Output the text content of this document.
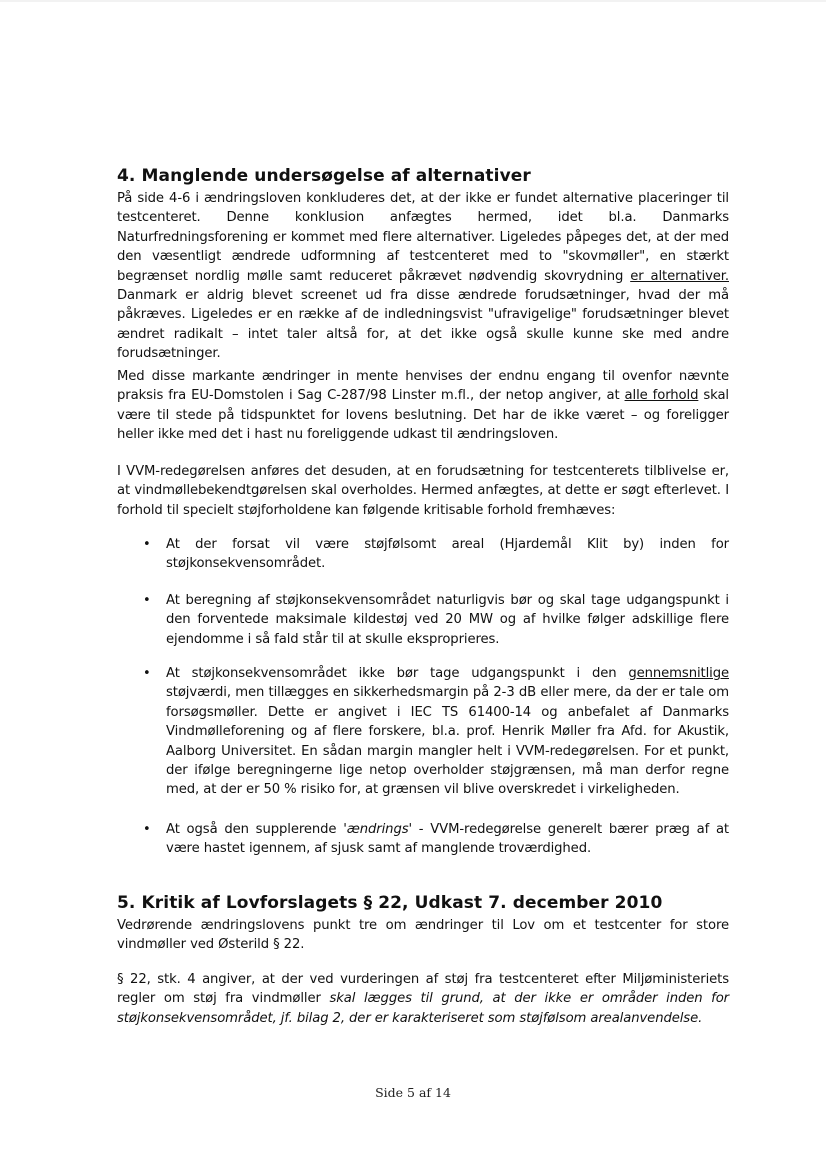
4. Manglende undersøgelse af alternativer

På side 4-6 i ændringsloven konkluderes det, at der ikke er fundet alternative placeringer til testcenteret. Denne konklusion anfægtes hermed, idet bl.a. Danmarks Naturfredningsforening er kommet med flere alternativer. Ligeledes påpeges det, at der med den væsentligt ændrede udformning af testcenteret med to "skovmøller", en stærkt begrænset nordlig mølle samt reduceret påkrævet nødvendig skovrydning er alternativer. Danmark er aldrig blevet screenet ud fra disse ændrede forudsætninger, hvad der må påkræves. Ligeledes er en række af de indledningsvist "ufravigelige" forudsætninger blevet ændret radikalt – intet taler altså for, at det ikke også skulle kunne ske med andre forudsætninger.

Med disse markante ændringer in mente henvises der endnu engang til ovenfor nævnte praksis fra EU-Domstolen i Sag C-287/98 Linster m.fl., der netop angiver, at alle forhold skal være til stede på tidspunktet for lovens beslutning. Det har de ikke været – og foreligger heller ikke med det i hast nu foreliggende udkast til ændringsloven.

I VVM-redegørelsen anføres det desuden, at en forudsætning for testcenterets tilblivelse er, at vindmøllebekendtgørelsen skal overholdes. Hermed anfægtes, at dette er søgt efterlevet. I forhold til specielt støjforholdene kan følgende kritisable forhold fremhæves:

•	At der forsat vil være støjfølsomt areal (Hjardemål Klit by) inden for støjkonsekvensområdet.

•	At beregning af støjkonsekvensområdet naturligvis bør og skal tage udgangspunkt i den forventede maksimale kildestøj ved 20 MW og af hvilke følger adskillige flere ejendomme i så fald står til at skulle eksproprieres.

•	At støjkonsekvensområdet ikke bør tage udgangspunkt i den gennemsnitlige støjværdi, men tillægges en sikkerhedsmargin på 2-3 dB eller mere, da der er tale om forsøgsmøller. Dette er angivet i IEC TS 61400-14 og anbefalet af Danmarks Vindmølleforening og af flere forskere, bl.a. prof. Henrik Møller fra Afd. for Akustik, Aalborg Universitet. En sådan margin mangler helt i VVM-redegørelsen. For et punkt, der ifølge beregningerne lige netop overholder støjgrænsen, må man derfor regne med, at der er 50 % risiko for, at grænsen vil blive overskredet i virkeligheden.

•	At også den supplerende 'ændrings' - VVM-redegørelse generelt bærer præg af at være hastet igennem, af sjusk samt af manglende troværdighed.

5. Kritik af Lovforslagets § 22, Udkast 7. december 2010

Vedrørende ændringslovens punkt tre om ændringer til Lov om et testcenter for store vindmøller ved Østerild § 22.

§ 22, stk. 4 angiver, at der ved vurderingen af støj fra testcenteret efter Miljøministeriets regler om støj fra vindmøller skal lægges til grund, at der ikke er områder inden for støjkonsekvensområdet, jf. bilag 2, der er karakteriseret som støjfølsom arealanvendelse.

Side 5 af 14
